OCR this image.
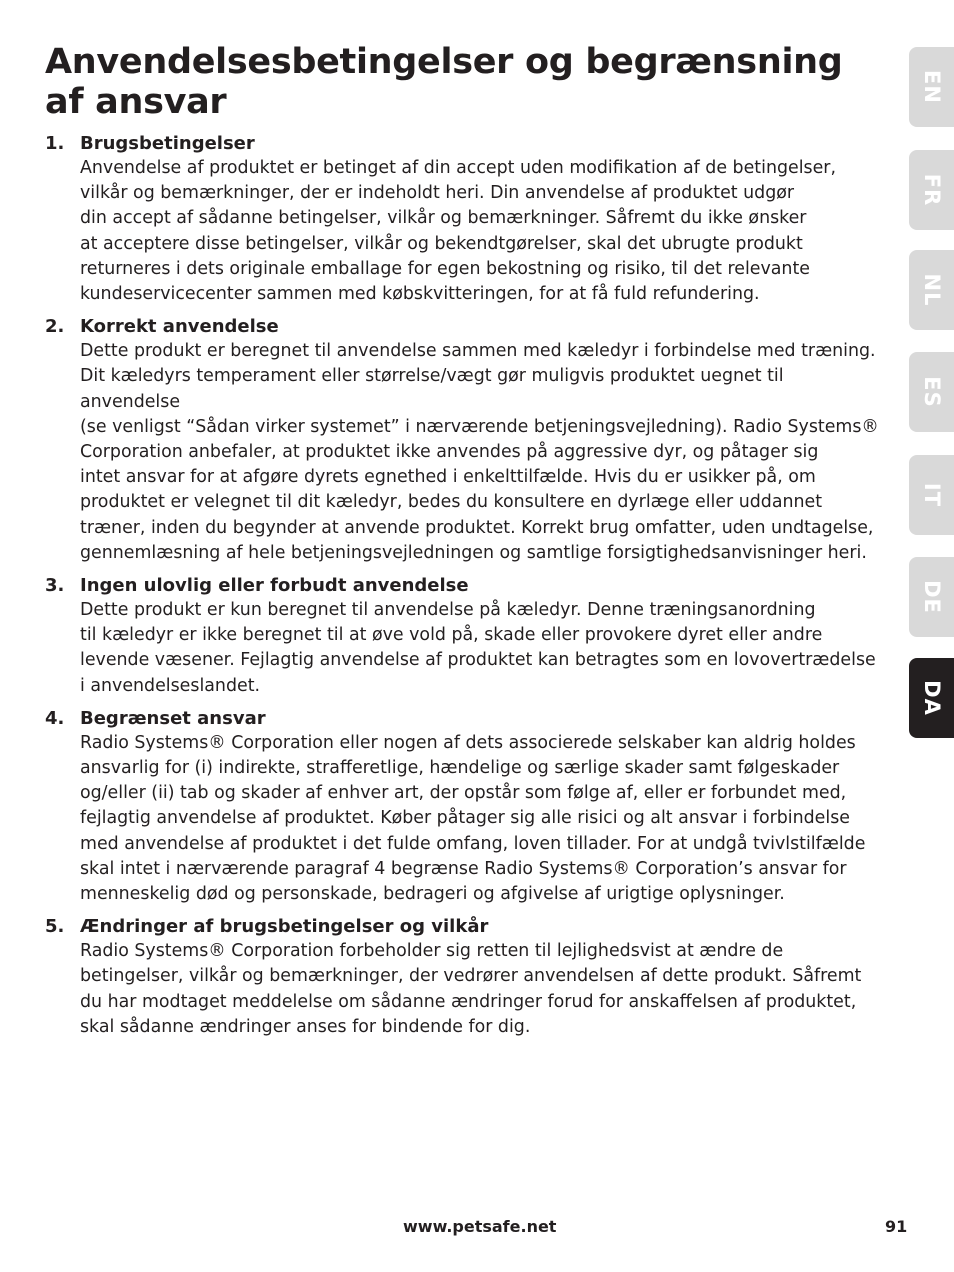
Anvendelsesbetingelser og begrænsning af ansvar
1. Brugsbetingelser
Anvendelse af produktet er betinget af din accept uden modifikation af de betingelser,
vilkår og bemærkninger, der er indeholdt heri. Din anvendelse af produktet udgør
din accept af sådanne betingelser, vilkår og bemærkninger. Såfremt du ikke ønsker
at acceptere disse betingelser, vilkår og bekendtgørelser, skal det ubrugte produkt
returneres i dets originale emballage for egen bekostning og risiko, til det relevante
kundeservicecenter sammen med købskvitteringen, for at få fuld refundering.
2. Korrekt anvendelse
Dette produkt er beregnet til anvendelse sammen med kæledyr i forbindelse med træning.
Dit kæledyrs temperament eller størrelse/vægt gør muligvis produktet uegnet til anvendelse
(se venligst “Sådan virker systemet” i nærværende betjeningsvejledning). Radio Systems®
Corporation anbefaler, at produktet ikke anvendes på aggressive dyr, og påtager sig
intet ansvar for at afgøre dyrets egnethed i enkelttilfælde. Hvis du er usikker på, om
produktet er velegnet til dit kæledyr, bedes du konsultere en dyrlæge eller uddannet
træner, inden du begynder at anvende produktet. Korrekt brug omfatter, uden undtagelse,
gennemlæsning af hele betjeningsvejledningen og samtlige forsigtighedsanvisninger heri.
3. Ingen ulovlig eller forbudt anvendelse
Dette produkt er kun beregnet til anvendelse på kæledyr. Denne træningsanordning
til kæledyr er ikke beregnet til at øve vold på, skade eller provokere dyret eller andre
levende væsener. Fejlagtig anvendelse af produktet kan betragtes som en lovovertrædelse
i anvendelseslandet.
4. Begrænset ansvar
Radio Systems® Corporation eller nogen af dets associerede selskaber kan aldrig holdes
ansvarlig for (i) indirekte, strafferetlige, hændelige og særlige skader samt følgeskader
og/eller (ii) tab og skader af enhver art, der opstår som følge af, eller er forbundet med,
fejlagtig anvendelse af produktet. Køber påtager sig alle risici og alt ansvar i forbindelse
med anvendelse af produktet i det fulde omfang, loven tillader. For at undgå tvivlstilfælde
skal intet i nærværende paragraf 4 begrænse Radio Systems® Corporation’s ansvar for
menneskelig død og personskade, bedrageri og afgivelse af urigtige oplysninger.
5. Ændringer af brugsbetingelser og vilkår
Radio Systems® Corporation forbeholder sig retten til lejlighedsvist at ændre de
betingelser, vilkår og bemærkninger, der vedrører anvendelsen af dette produkt. Såfremt
du har modtaget meddelelse om sådanne ændringer forud for anskaffelsen af produktet,
skal sådanne ændringer anses for bindende for dig.
EN
FR
NL
ES
IT
DE
DA
www.petsafe.net	91
